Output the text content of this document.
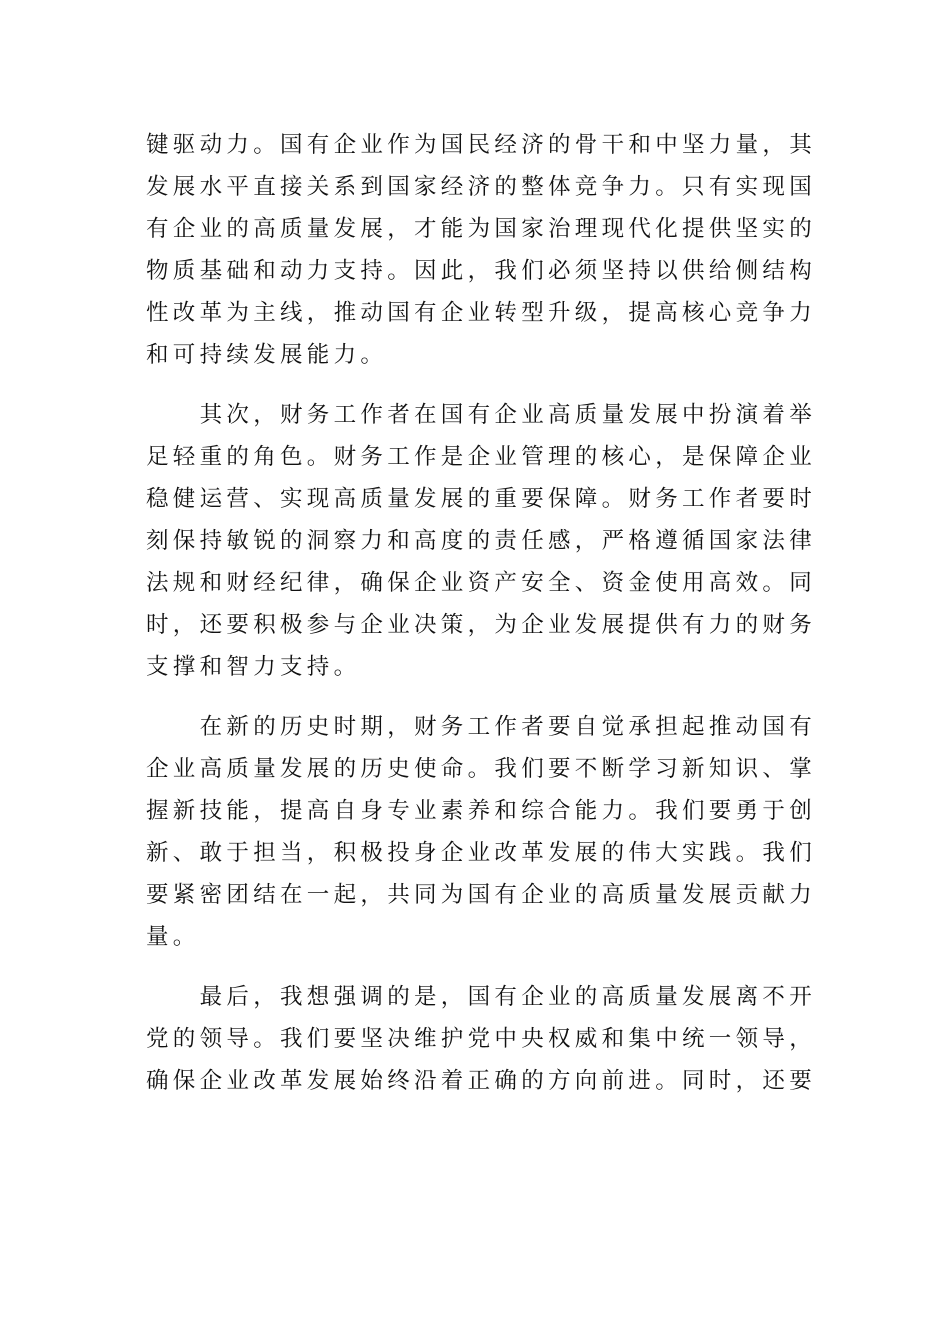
键驱动力。国有企业作为国民经济的骨干和中坚力量，其
发展水平直接关系到国家经济的整体竞争力。只有实现国
有企业的高质量发展，才能为国家治理现代化提供坚实的
物质基础和动力支持。因此，我们必须坚持以供给侧结构
性改革为主线，推动国有企业转型升级，提高核心竞争力
和可持续发展能力。
　　其次，财务工作者在国有企业高质量发展中扮演着举
足轻重的角色。财务工作是企业管理的核心，是保障企业
稳健运营、实现高质量发展的重要保障。财务工作者要时
刻保持敏锐的洞察力和高度的责任感，严格遵循国家法律
法规和财经纪律，确保企业资产安全、资金使用高效。同
时，还要积极参与企业决策，为企业发展提供有力的财务
支撑和智力支持。
　　在新的历史时期，财务工作者要自觉承担起推动国有
企业高质量发展的历史使命。我们要不断学习新知识、掌
握新技能，提高自身专业素养和综合能力。我们要勇于创
新、敢于担当，积极投身企业改革发展的伟大实践。我们
要紧密团结在一起，共同为国有企业的高质量发展贡献力
量。
　　最后，我想强调的是，国有企业的高质量发展离不开
党的领导。我们要坚决维护党中央权威和集中统一领导，
确保企业改革发展始终沿着正确的方向前进。同时，还要
